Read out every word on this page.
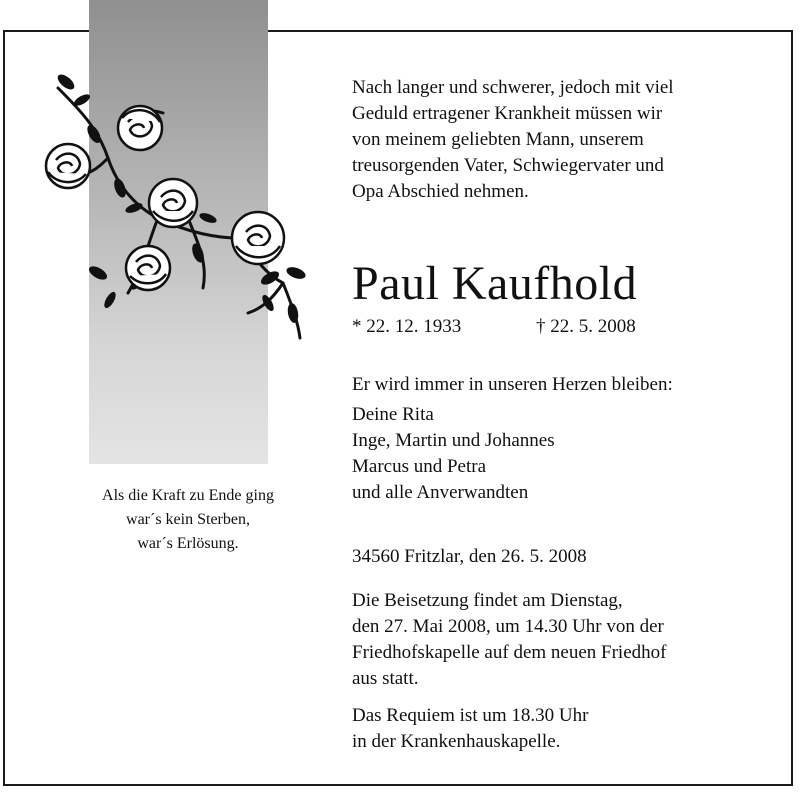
Als die Kraft zu Ende ging
war´s kein Sterben,
war´s Erlösung.
Nach langer und schwerer, jedoch mit viel
Geduld ertragener Krankheit müssen wir
von meinem geliebten Mann, unserem
treusorgenden Vater, Schwiegervater und
Opa Abschied nehmen.
Paul Kaufhold
* 22. 12. 1933	† 22. 5. 2008
Er wird immer in unseren Herzen bleiben:
Deine Rita
Inge, Martin und Johannes
Marcus und Petra
und alle Anverwandten
34560 Fritzlar, den 26. 5. 2008
Die Beisetzung findet am Dienstag,
den 27. Mai 2008, um 14.30 Uhr von der
Friedhofskapelle auf dem neuen Friedhof
aus statt.
Das Requiem ist um 18.30 Uhr
in der Krankenhauskapelle.
